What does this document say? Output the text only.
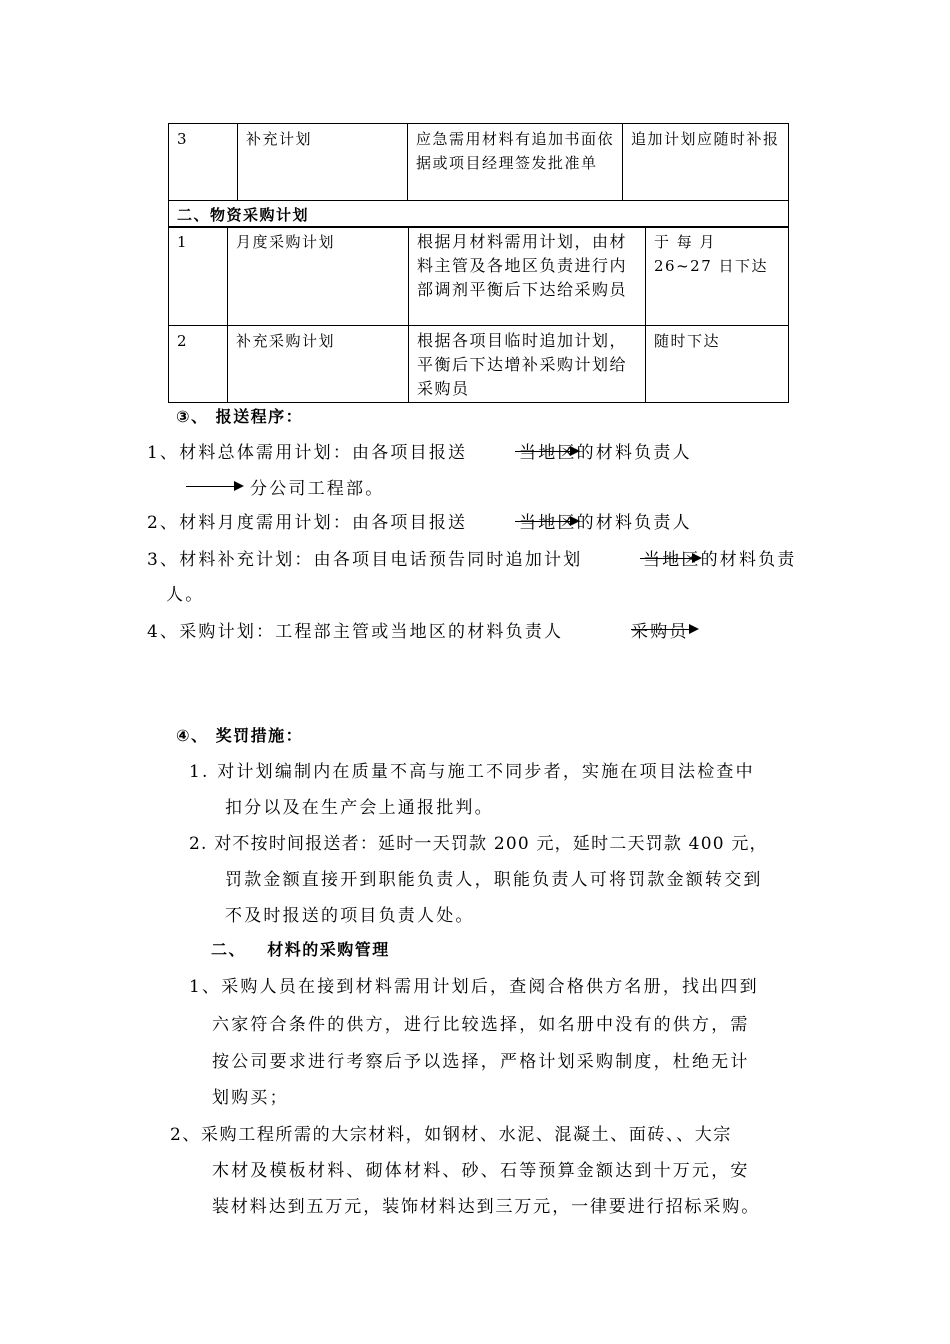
3	补充计划	应急需用材料有追加书面依据或项目经理签发批准单	追加计划应随时补报
二、物资采购计划
1	月度采购计划	根据月材料需用计划，由材料主管及各地区负责进行内部调剂平衡后下达给采购员	于 每 月 26~27 日下达
2	补充采购计划	根据各项目临时追加计划，平衡后下达增补采购计划给采购员	随时下达
③、 报送程序：
1、材料总体需用计划：由各项目报送	当地区的材料负责人
分公司工程部。
2、材料月度需用计划：由各项目报送	当地区的材料负责人
3、材料补充计划：由各项目电话预告同时追加计划	当地区的材料负责
人。
4、采购计划：工程部主管或当地区的材料负责人	采购员
④、 奖罚措施：
1. 对计划编制内在质量不高与施工不同步者，实施在项目法检查中
扣分以及在生产会上通报批判。
2. 对不按时间报送者：延时一天罚款 200 元，延时二天罚款 400 元，
罚款金额直接开到职能负责人，职能负责人可将罚款金额转交到
不及时报送的项目负责人处。
二、   材料的采购管理
1、采购人员在接到材料需用计划后，查阅合格供方名册，找出四到
六家符合条件的供方，进行比较选择，如名册中没有的供方，需
按公司要求进行考察后予以选择，严格计划采购制度，杜绝无计
划购买；
2、采购工程所需的大宗材料，如钢材、水泥、混凝土、面砖、、大宗
木材及模板材料、砌体材料、砂、石等预算金额达到十万元，安
装材料达到五万元，装饰材料达到三万元，一律要进行招标采购。
